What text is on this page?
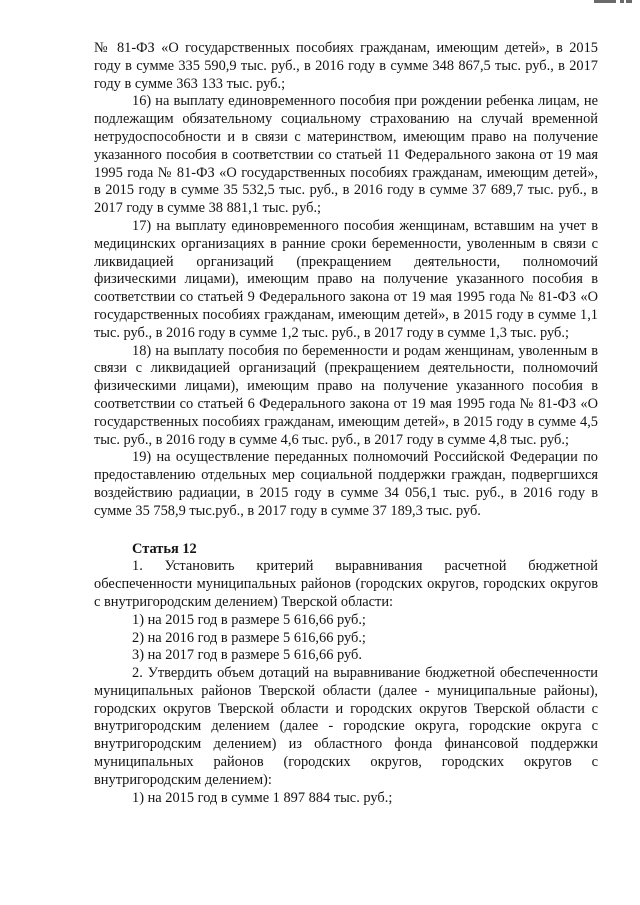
№ 81-ФЗ «О государственных пособиях гражданам, имеющим детей», в 2015 году в сумме 335 590,9 тыс. руб., в 2016 году в сумме 348 867,5 тыс. руб., в 2017 году в сумме 363 133 тыс. руб.;

16) на выплату единовременного пособия при рождении ребенка лицам, не подлежащим обязательному социальному страхованию на случай временной нетрудоспособности и в связи с материнством, имеющим право на получение указанного пособия в соответствии со статьей 11 Федерального закона от 19 мая 1995 года № 81-ФЗ «О государственных пособиях гражданам, имеющим детей», в 2015 году в сумме 35 532,5 тыс. руб., в 2016 году в сумме 37 689,7 тыс. руб., в 2017 году в сумме 38 881,1 тыс. руб.;

17) на выплату единовременного пособия женщинам, вставшим на учет в медицинских организациях в ранние сроки беременности, уволенным в связи с ликвидацией организаций (прекращением деятельности, полномочий физическими лицами), имеющим право на получение указанного пособия в соответствии со статьей 9 Федерального закона от 19 мая 1995 года № 81-ФЗ «О государственных пособиях гражданам, имеющим детей», в 2015 году в сумме 1,1 тыс. руб., в 2016 году в сумме 1,2 тыс. руб., в 2017 году в сумме 1,3 тыс. руб.;

18) на выплату пособия по беременности и родам женщинам, уволенным в связи с ликвидацией организаций (прекращением деятельности, полномочий физическими лицами), имеющим право на получение указанного пособия в соответствии со статьей 6 Федерального закона от 19 мая 1995 года № 81-ФЗ «О государственных пособиях гражданам, имеющим детей», в 2015 году в сумме 4,5 тыс. руб., в 2016 году в сумме 4,6 тыс. руб., в 2017 году в сумме 4,8 тыс. руб.;

19) на осуществление переданных полномочий Российской Федерации по предоставлению отдельных мер социальной поддержки граждан, подвергшихся воздействию радиации, в 2015 году в сумме 34 056,1 тыс. руб., в 2016 году в сумме 35 758,9 тыс.руб., в 2017 году в сумме 37 189,3 тыс. руб.

Статья 12

1. Установить критерий выравнивания расчетной бюджетной обеспеченности муниципальных районов (городских округов, городских округов с внутригородским делением) Тверской области:

1) на 2015 год в размере 5 616,66 руб.;

2) на 2016 год в размере 5 616,66 руб.;

3) на 2017 год в размере 5 616,66 руб.

2. Утвердить объем дотаций на выравнивание бюджетной обеспеченности муниципальных районов Тверской области (далее - муниципальные районы), городских округов Тверской области и городских округов Тверской области с внутригородским делением (далее - городские округа, городские округа с внутригородским делением) из областного фонда финансовой поддержки муниципальных районов (городских округов, городских округов с внутригородским делением):

1) на 2015 год в сумме 1 897 884 тыс. руб.;
